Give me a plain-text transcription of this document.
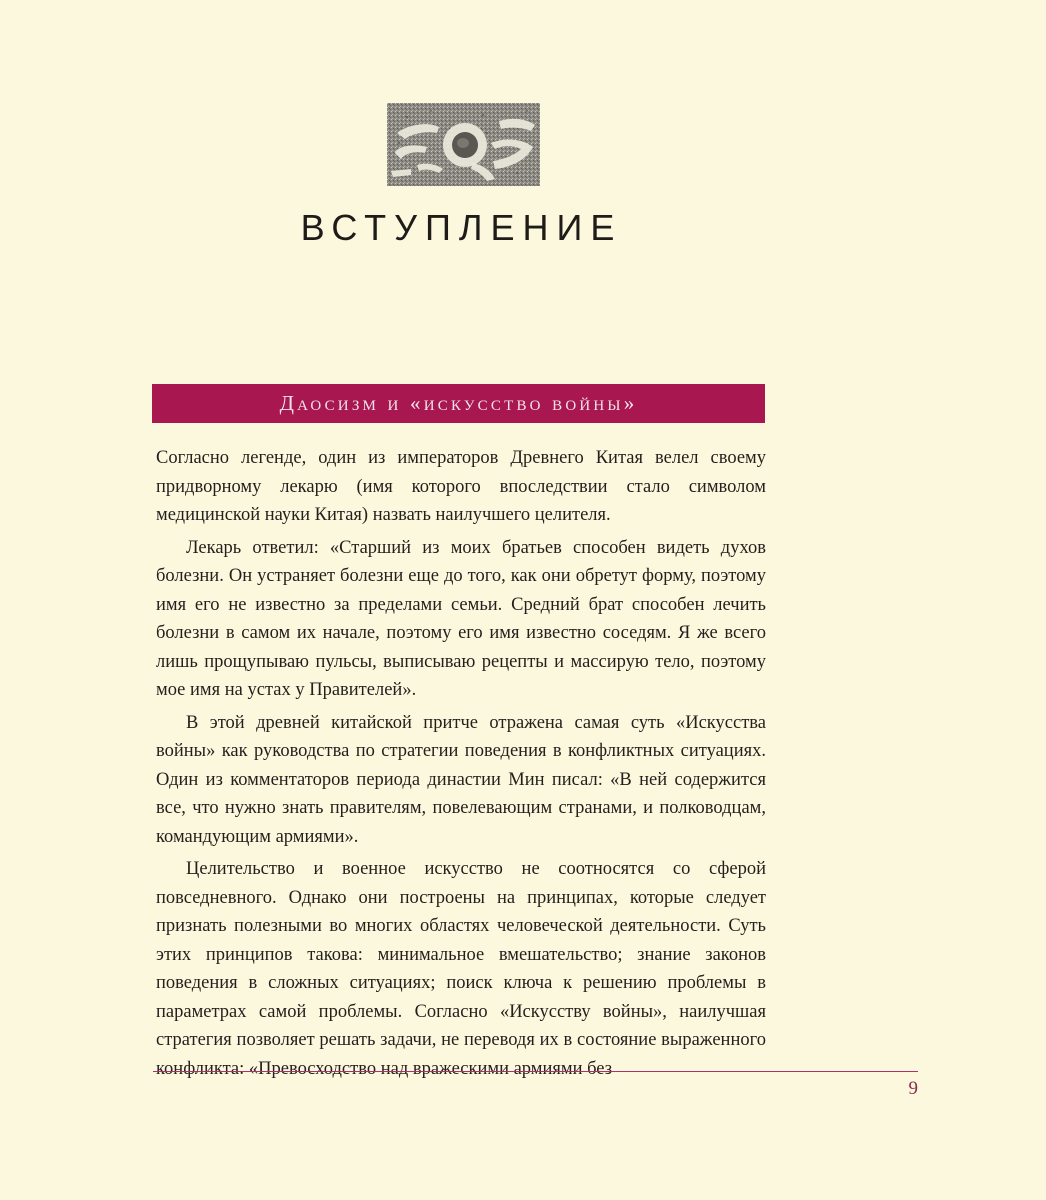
ВСТУПЛЕНИЕ
Даосизм и «искусство войны»

Согласно легенде, один из императоров Древнего Китая велел своему придворному лекарю (имя которого впоследствии стало символом медицинской науки Китая) назвать наилучшего целителя.

Лекарь ответил: «Старший из моих братьев способен видеть духов болезни. Он устраняет болезни еще до того, как они обретут форму, поэтому имя его не известно за пределами семьи. Средний брат способен лечить болезни в самом их начале, поэтому его имя известно соседям. Я же всего лишь прощупываю пульсы, выписываю рецепты и массирую тело, поэтому мое имя на устах у Правителей».

В этой древней китайской притче отражена самая суть «Искусства войны» как руководства по стратегии поведения в конфликтных ситуациях. Один из комментаторов периода династии Мин писал: «В ней содержится все, что нужно знать правителям, повелевающим странами, и полководцам, командующим армиями».

Целительство и военное искусство не соотносятся со сферой повседневного. Однако они построены на принципах, которые следует признать полезными во многих областях человеческой деятельности. Суть этих принципов такова: минимальное вмешательство; знание законов поведения в сложных ситуациях; поиск ключа к решению проблемы в параметрах самой проблемы. Согласно «Искусству войны», наилучшая стратегия позволяет решать задачи, не переводя их в состояние выраженного конфликта: «Превосходство над вражескими армиями без

9
